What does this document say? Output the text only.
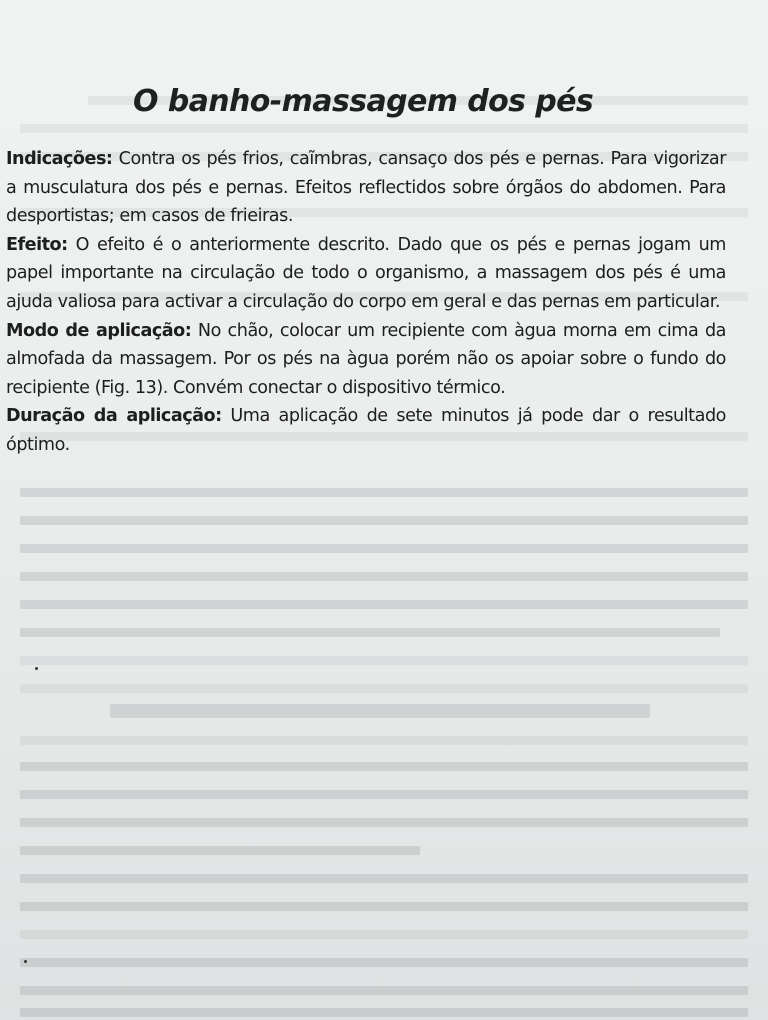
O banho-massagem dos pés

Indicações: Contra os pés frios, caĩmbras, cansaço dos pés e pernas. Para vigorizar a musculatura dos pés e pernas. Efeitos reflectidos sobre órgãos do abdomen. Para desportistas; em casos de frieiras.

Efeito: O efeito é o anteriormente descrito. Dado que os pés e pernas jogam um papel importante na circulação de todo o organismo, a massagem dos pés é uma ajuda valiosa para activar a circulação do corpo em geral e das pernas em particular.

Modo de aplicação: No chão, colocar um recipiente com àgua morna em cima da almofada da massagem. Por os pés na àgua porém não os apoiar sobre o fundo do recipiente (Fig. 13). Convém conectar o dispositivo térmico.

Duração da aplicação: Uma aplicação de sete minutos já pode dar o resultado óptimo.
